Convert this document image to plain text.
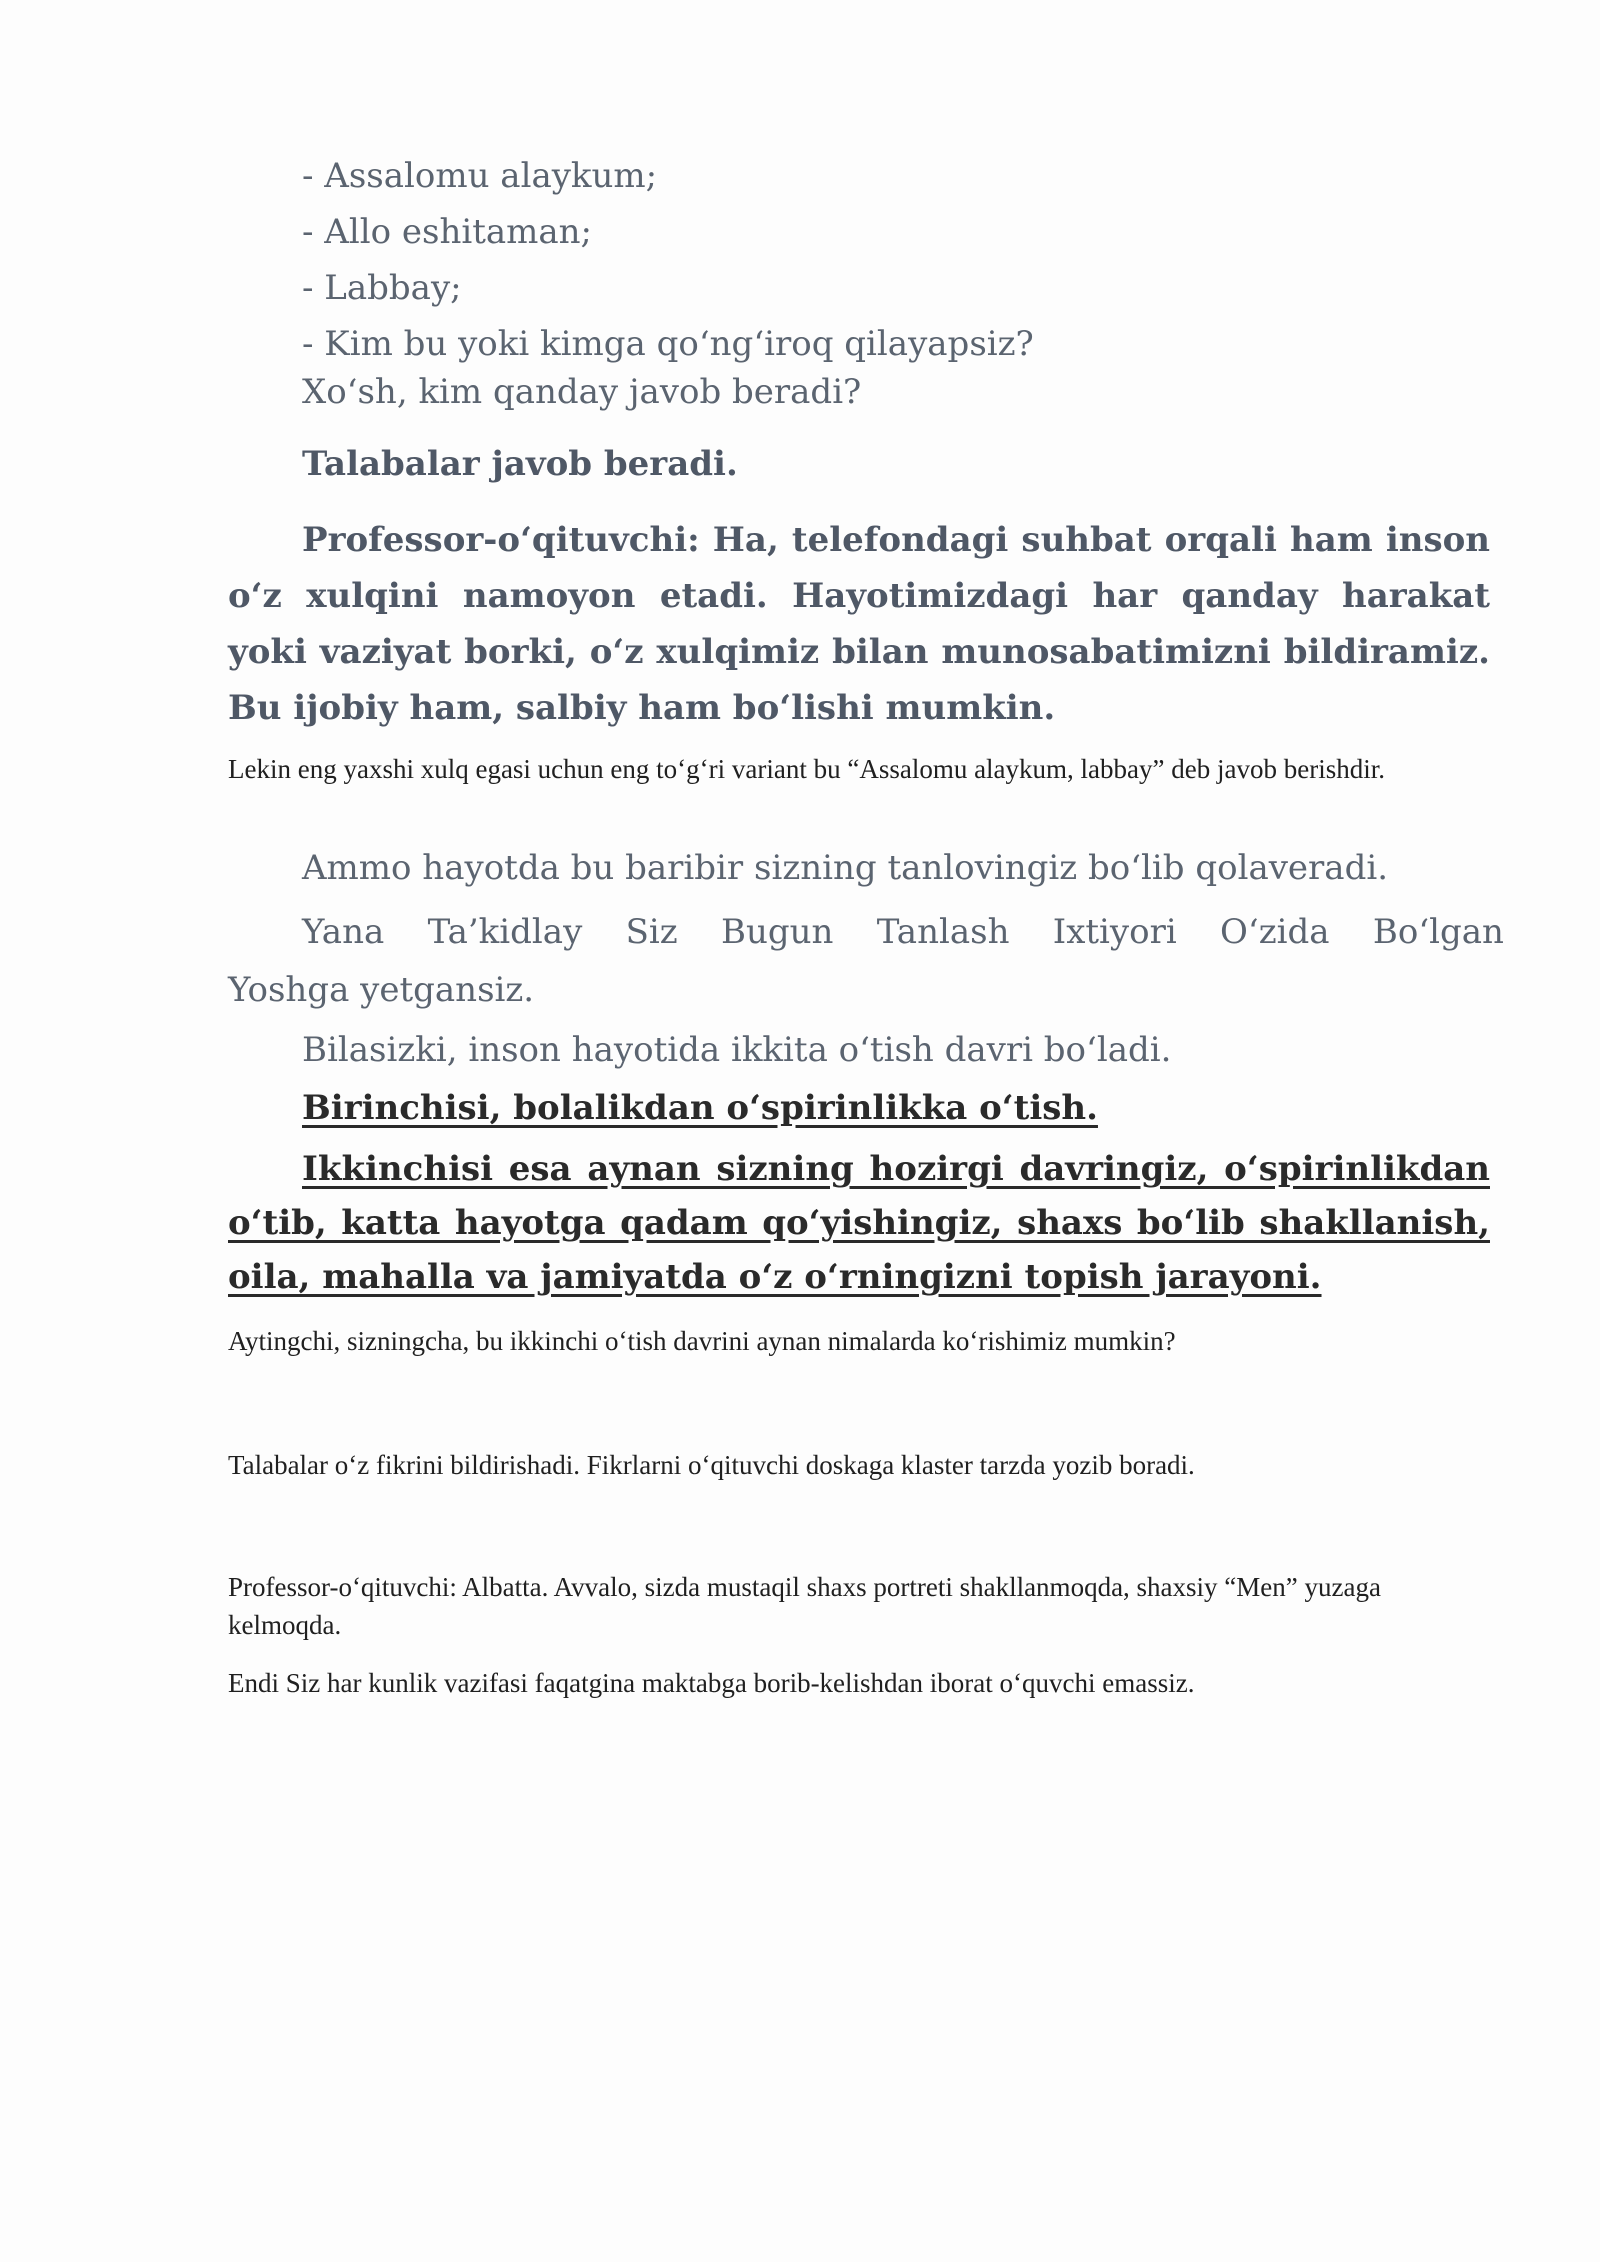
- Assalomu alaykum;
- Allo eshitaman;
- Labbay;
- Kim bu yoki kimga qo‘ng‘iroq qilayapsiz?
Xo‘sh, kim qanday javob beradi?
Talabalar javob beradi.

Professor-o‘qituvchi: Ha, telefondagi suhbat orqali ham inson o‘z xulqini namoyon etadi. Hayotimizdagi har qanday harakat yoki vaziyat borki, o‘z xulqimiz bilan munosabatimizni bildiramiz. Bu ijobiy ham, salbiy ham bo‘lishi mumkin.

Lekin eng yaxshi xulq egasi uchun eng to‘g‘ri variant bu “Assalomu alaykum, labbay” deb javob berishdir.

Ammo hayotda bu baribir sizning tanlovingiz bo‘lib qolaveradi.
Yana Ta’kidlay Siz Bugun Tanlash Ixtiyori O‘zida Bo‘lgan
Yoshga yetgansiz.
Bilasizki, inson hayotida ikkita o‘tish davri bo‘ladi.
Birinchisi, bolalikdan o‘spirinlikka o‘tish.

Ikkinchisi esa aynan sizning hozirgi davringiz, o‘spirinlikdan o‘tib, katta hayotga qadam qo‘yishingiz, shaxs bo‘lib shakllanish, oila, mahalla va jamiyatda o‘z o‘rningizni topish jarayoni.

Aytingchi, sizningcha, bu ikkinchi o‘tish davrini aynan nimalarda ko‘rishimiz mumkin?

Talabalar o‘z fikrini bildirishadi. Fikrlarni o‘qituvchi doskaga klaster tarzda yozib boradi.

Professor-o‘qituvchi: Albatta. Avvalo, sizda mustaqil shaxs portreti shakllanmoqda, shaxsiy “Men” yuzaga kelmoqda.

Endi Siz har kunlik vazifasi faqatgina maktabga borib-kelishdan iborat o‘quvchi emassiz.
